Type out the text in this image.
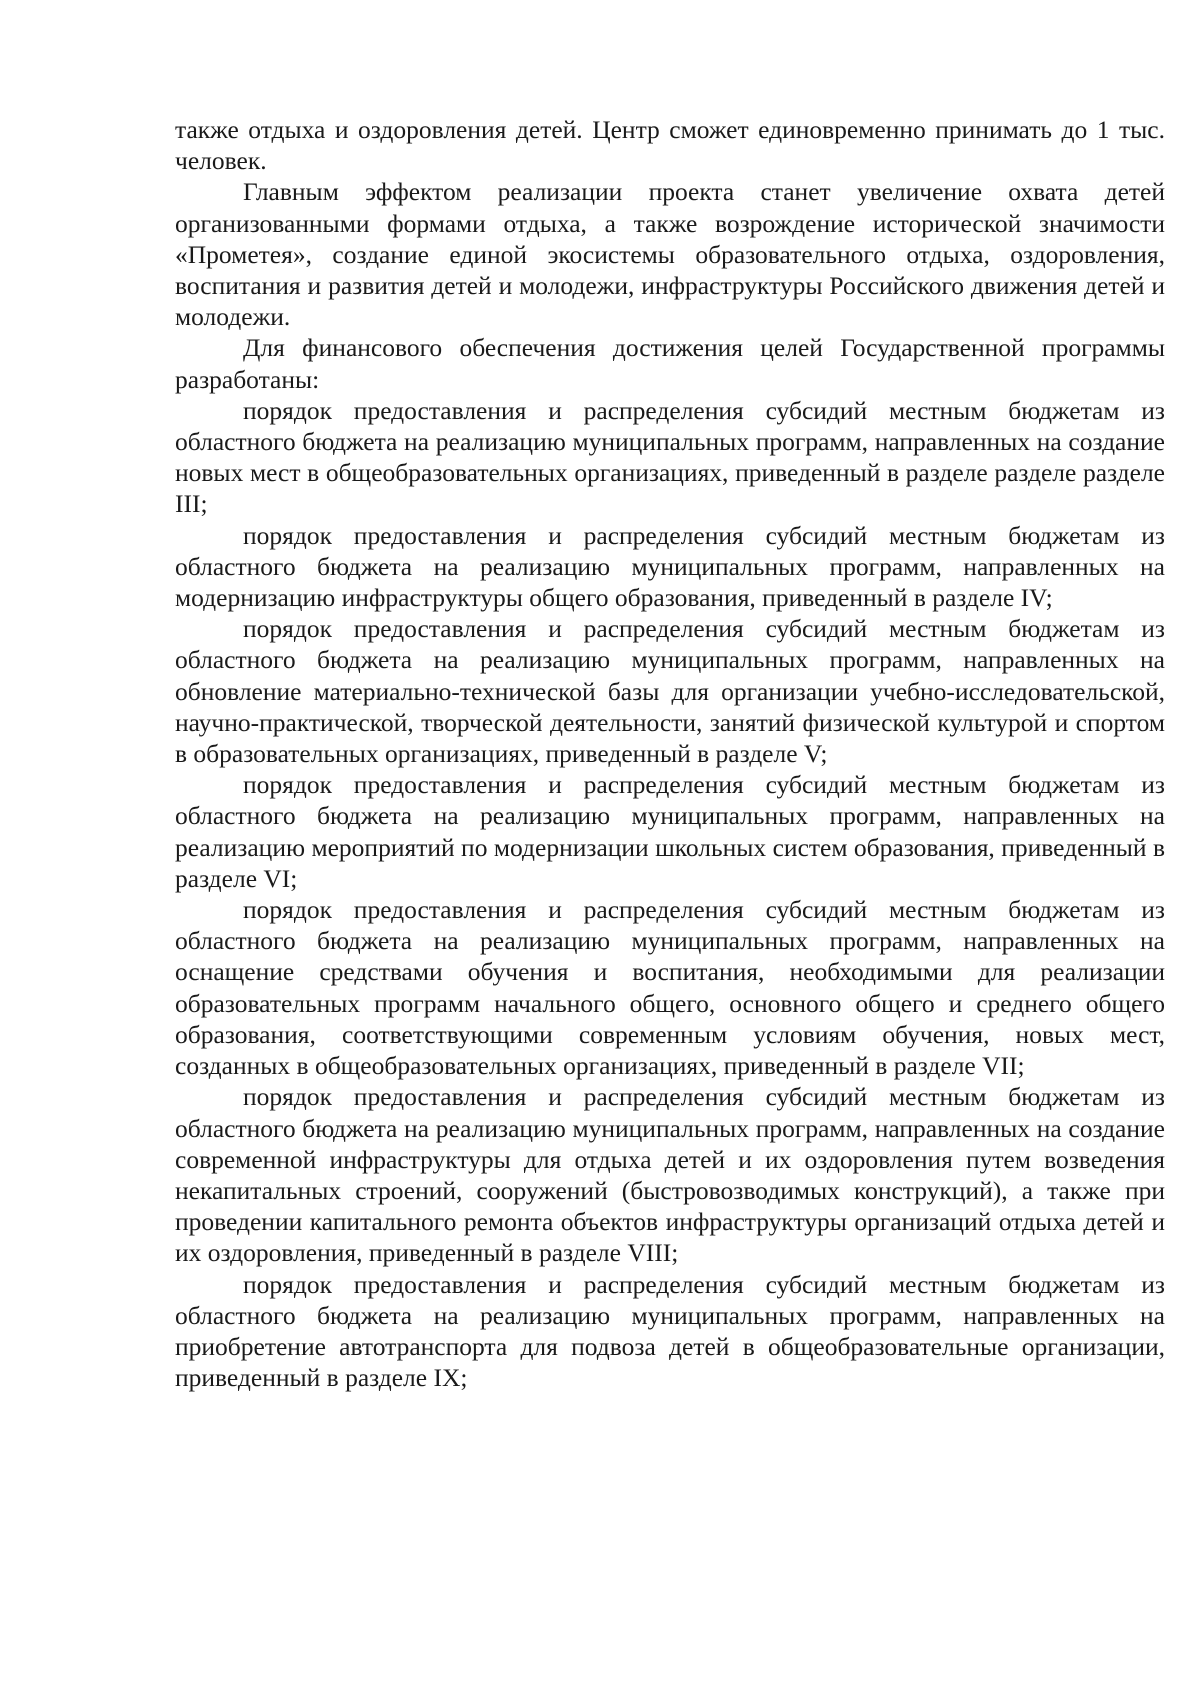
также отдыха и оздоровления детей. Центр сможет единовременно принимать до 1 тыс. человек.

Главным эффектом реализации проекта станет увеличение охвата детей организованными формами отдыха, а также возрождение исторической значимости «Прометея», создание единой экосистемы образовательного отдыха, оздоровления, воспитания и развития детей и молодежи, инфраструктуры Российского движения детей и молодежи.

Для финансового обеспечения достижения целей Государственной программы разработаны:

порядок предоставления и распределения субсидий местным бюджетам из областного бюджета на реализацию муниципальных программ, направленных на создание новых мест в общеобразовательных организациях, приведенный в разделе разделе разделе III;

порядок предоставления и распределения субсидий местным бюджетам из областного бюджета на реализацию муниципальных программ, направленных на модернизацию инфраструктуры общего образования, приведенный в разделе IV;

порядок предоставления и распределения субсидий местным бюджетам из областного бюджета на реализацию муниципальных программ, направленных на обновление материально-технической базы для организации учебно-исследовательской, научно-практической, творческой деятельности, занятий физической культурой и спортом в образовательных организациях, приведенный в разделе V;

порядок предоставления и распределения субсидий местным бюджетам из областного бюджета на реализацию муниципальных программ, направленных на реализацию мероприятий по модернизации школьных систем образования, приведенный в разделе VI;

порядок предоставления и распределения субсидий местным бюджетам из областного бюджета на реализацию муниципальных программ, направленных на оснащение средствами обучения и воспитания, необходимыми для реализации образовательных программ начального общего, основного общего и среднего общего образования, соответствующими современным условиям обучения, новых мест, созданных в общеобразовательных организациях, приведенный в разделе VII;

порядок предоставления и распределения субсидий местным бюджетам из областного бюджета на реализацию муниципальных программ, направленных на создание современной инфраструктуры для отдыха детей и их оздоровления путем возведения некапитальных строений, сооружений (быстровозводимых конструкций), а также при проведении капитального ремонта объектов инфраструктуры организаций отдыха детей и их оздоровления, приведенный в разделе VIII;

порядок предоставления и распределения субсидий местным бюджетам из областного бюджета на реализацию муниципальных программ, направленных на приобретение автотранспорта для подвоза детей в общеобразовательные организации, приведенный в разделе IX;
